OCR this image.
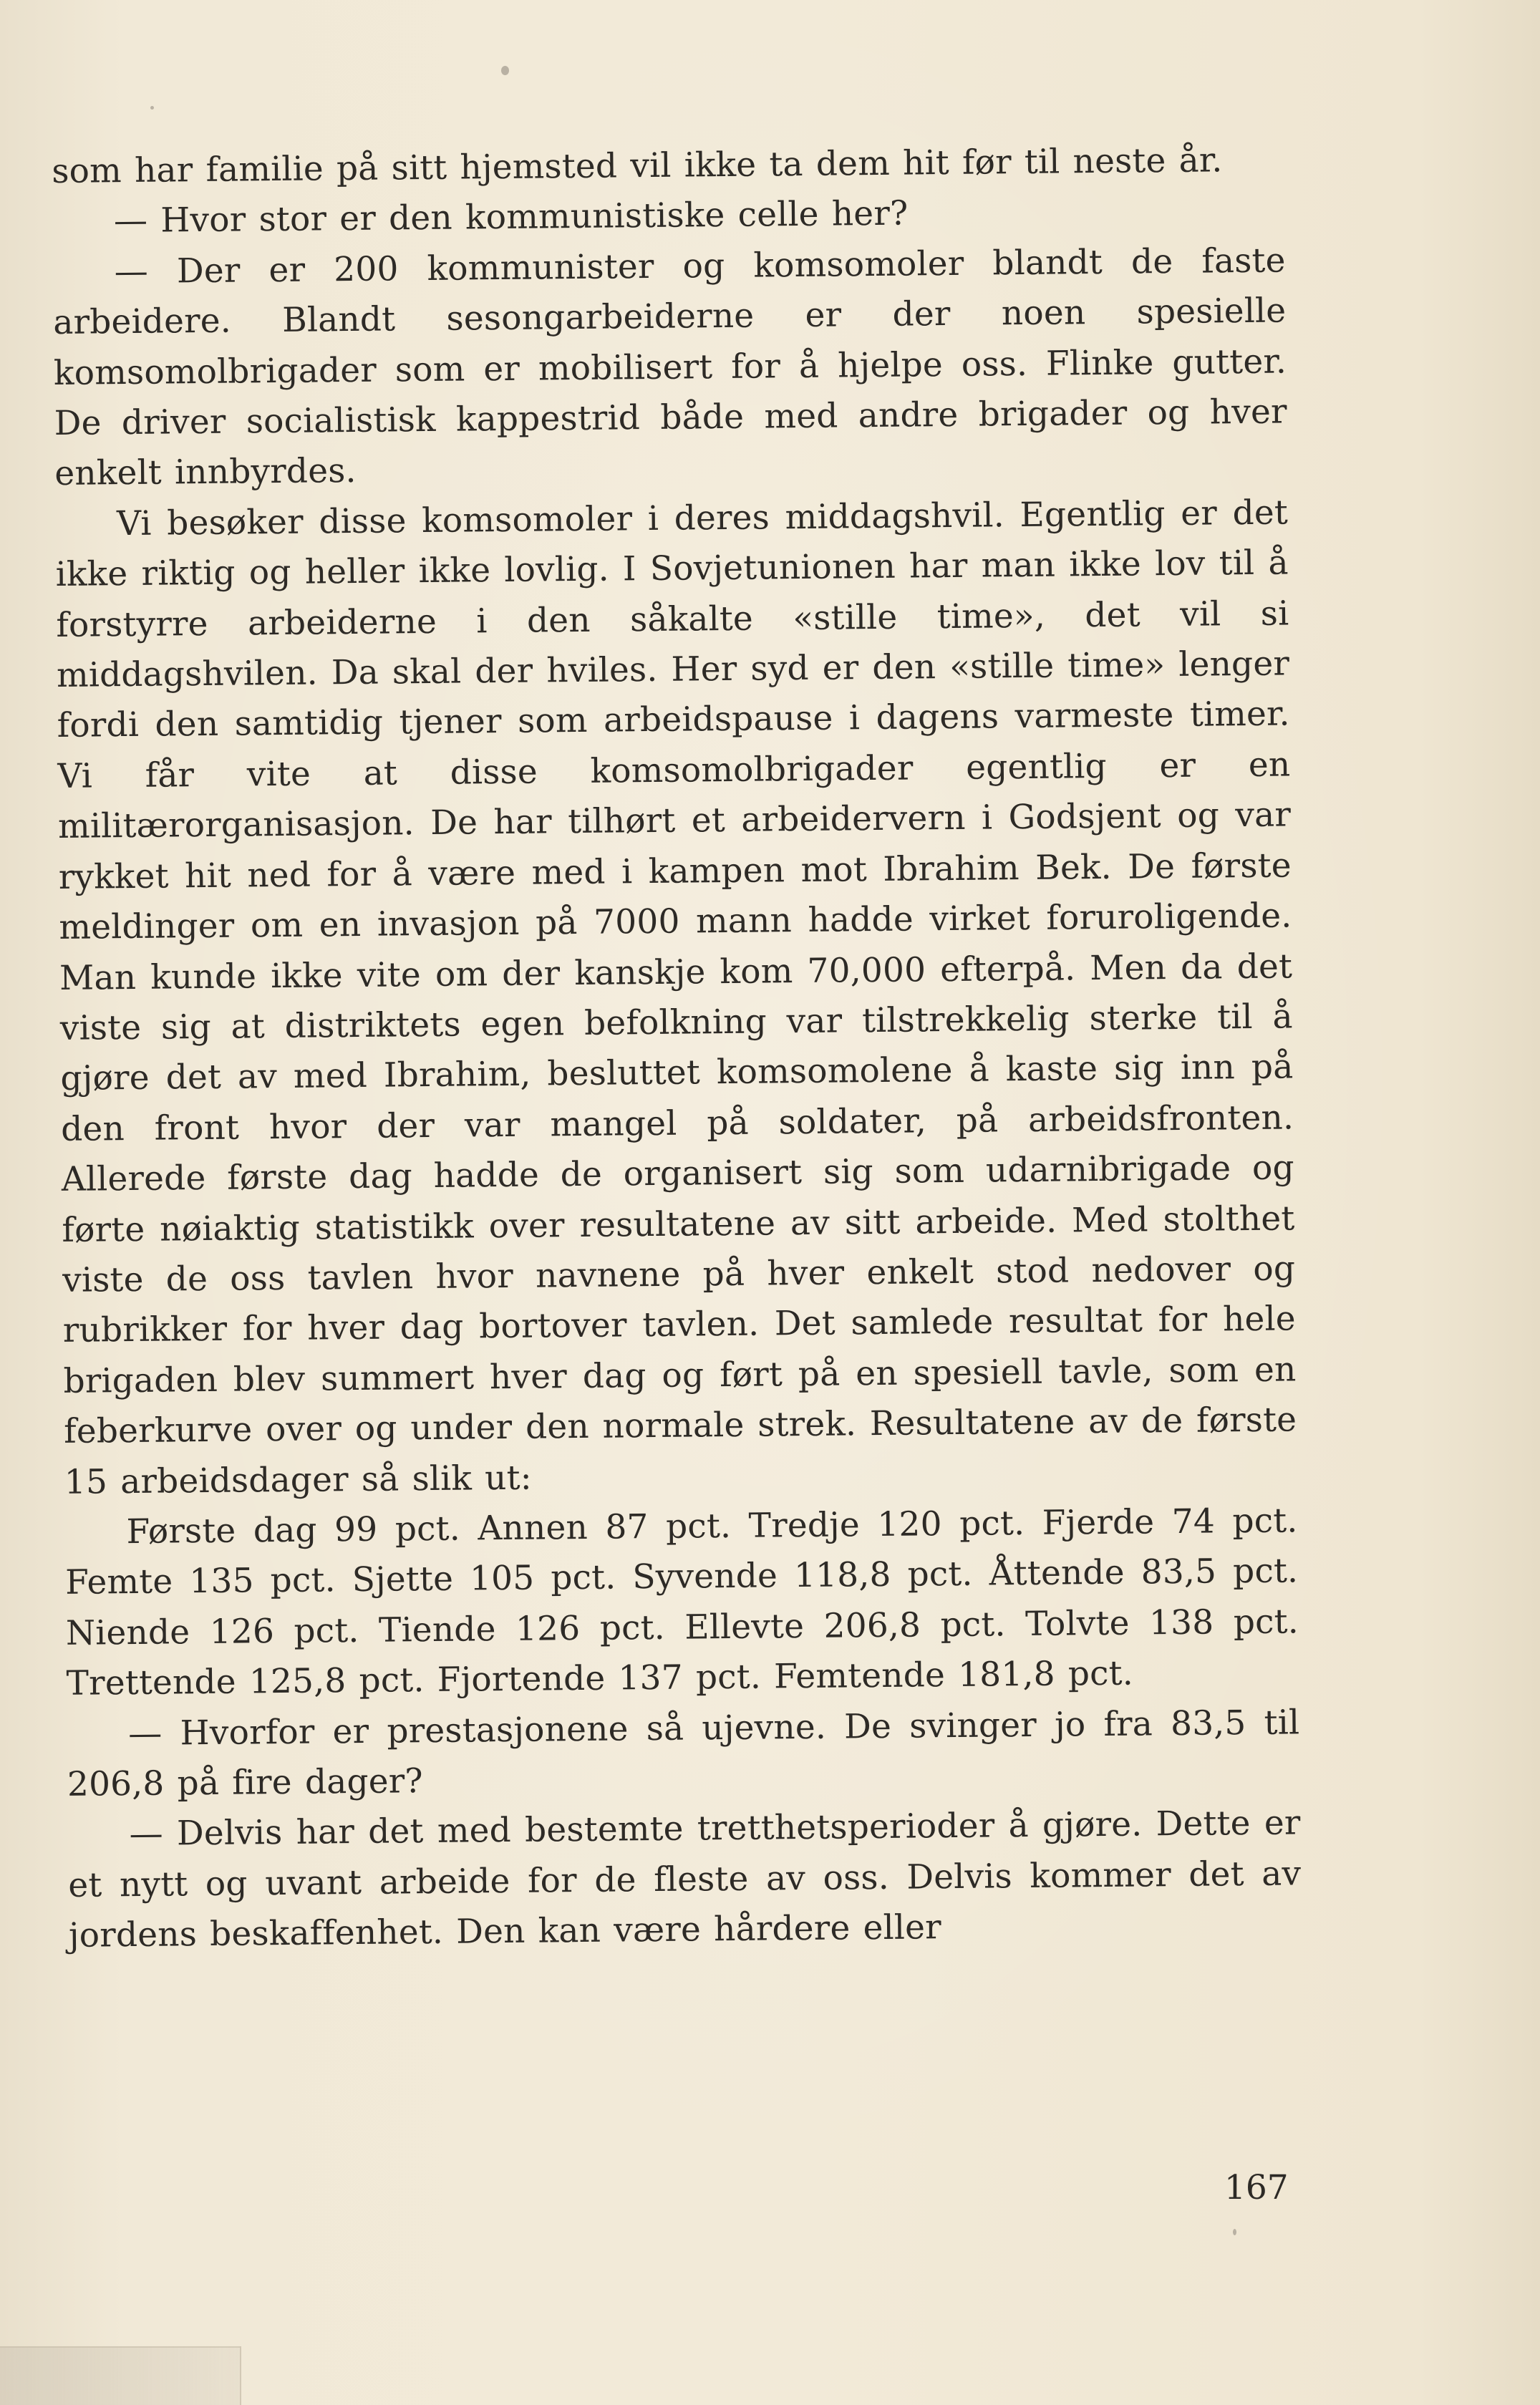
som har familie på sitt hjemsted vil ikke ta dem hit før til neste år.

— Hvor stor er den kommunistiske celle her?

— Der er 200 kommunister og komsomoler blandt de faste arbeidere. Blandt sesongarbeiderne er der noen spesielle komsomolbrigader som er mobilisert for å hjelpe oss. Flinke gutter. De driver socialistisk kappestrid både med andre brigader og hver enkelt innbyrdes.

Vi besøker disse komsomoler i deres middagshvil. Egentlig er det ikke riktig og heller ikke lovlig. I Sovjetunionen har man ikke lov til å forstyrre arbeiderne i den såkalte «stille time», det vil si middagshvilen. Da skal der hviles. Her syd er den «stille time» lenger fordi den samtidig tjener som arbeidspause i dagens varmeste timer. Vi får vite at disse komsomolbrigader egentlig er en militærorganisasjon. De har tilhørt et arbeidervern i Godsjent og var rykket hit ned for å være med i kampen mot Ibrahim Bek. De første meldinger om en invasjon på 7000 mann hadde virket foruroligende. Man kunde ikke vite om der kanskje kom 70,000 efterpå. Men da det viste sig at distriktets egen befolkning var tilstrekkelig sterke til å gjøre det av med Ibrahim, besluttet komsomolene å kaste sig inn på den front hvor der var mangel på soldater, på arbeidsfronten. Allerede første dag hadde de organisert sig som udarnibrigade og førte nøiaktig statistikk over resultatene av sitt arbeide. Med stolthet viste de oss tavlen hvor navnene på hver enkelt stod nedover og rubrikker for hver dag bortover tavlen. Det samlede resultat for hele brigaden blev summert hver dag og ført på en spesiell tavle, som en feberkurve over og under den normale strek. Resultatene av de første 15 arbeidsdager så slik ut:

Første dag 99 pct. Annen 87 pct. Tredje 120 pct. Fjerde 74 pct. Femte 135 pct. Sjette 105 pct. Syvende 118,8 pct. Åttende 83,5 pct. Niende 126 pct. Tiende 126 pct. Ellevte 206,8 pct. Tolvte 138 pct. Trettende 125,8 pct. Fjortende 137 pct. Femtende 181,8 pct.

— Hvorfor er prestasjonene så ujevne. De svinger jo fra 83,5 til 206,8 på fire dager?

— Delvis har det med bestemte tretthetsperioder å gjøre. Dette er et nytt og uvant arbeide for de fleste av oss. Delvis kommer det av jordens beskaffenhet. Den kan være hårdere eller

167
